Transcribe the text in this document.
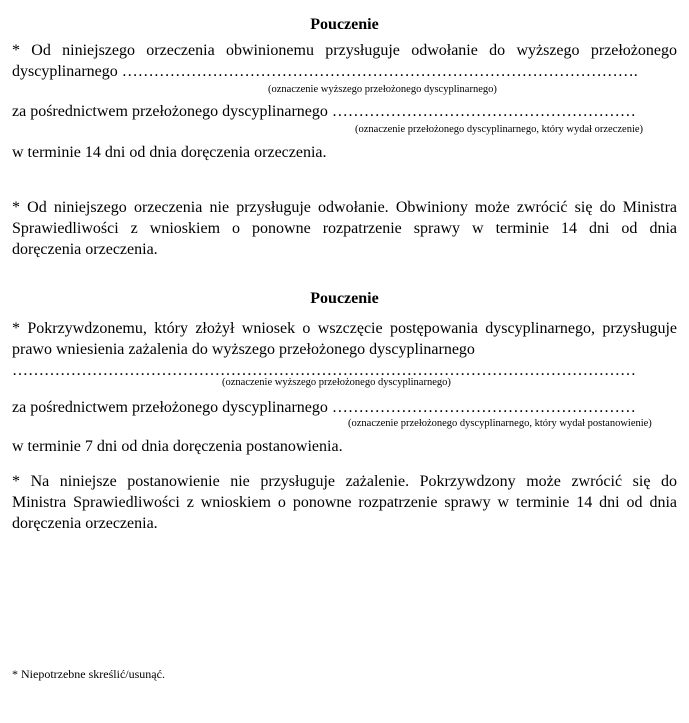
Pouczenie
* Od niniejszego orzeczenia obwinionemu przysługuje odwołanie do wyższego przełożonego
dyscyplinarnego …………………………………………………………………………………….
(oznaczenie wyższego przełożonego dyscyplinarnego)
za pośrednictwem przełożonego dyscyplinarnego …………………………………………………
(oznaczenie przełożonego dyscyplinarnego, który wydał orzeczenie)
w terminie 14 dni od dnia doręczenia orzeczenia.
* Od niniejszego orzeczenia nie przysługuje odwołanie. Obwiniony może zwrócić się do Ministra
Sprawiedliwości z wnioskiem o ponowne rozpatrzenie sprawy w terminie 14 dni od dnia
doręczenia orzeczenia.
Pouczenie
* Pokrzywdzonemu, który złożył wniosek o wszczęcie postępowania dyscyplinarnego, przysługuje
prawo wniesienia zażalenia do wyższego przełożonego dyscyplinarnego
………………………………………………………………………………………………………
(oznaczenie wyższego przełożonego dyscyplinarnego)
za pośrednictwem przełożonego dyscyplinarnego …………………………………………………
(oznaczenie przełożonego dyscyplinarnego, który wydał postanowienie)
w terminie 7 dni od dnia doręczenia postanowienia.
* Na niniejsze postanowienie nie przysługuje zażalenie. Pokrzywdzony może zwrócić się do
Ministra Sprawiedliwości z wnioskiem o ponowne rozpatrzenie sprawy w terminie 14 dni od dnia
doręczenia orzeczenia.
* Niepotrzebne skreślić/usunąć.
